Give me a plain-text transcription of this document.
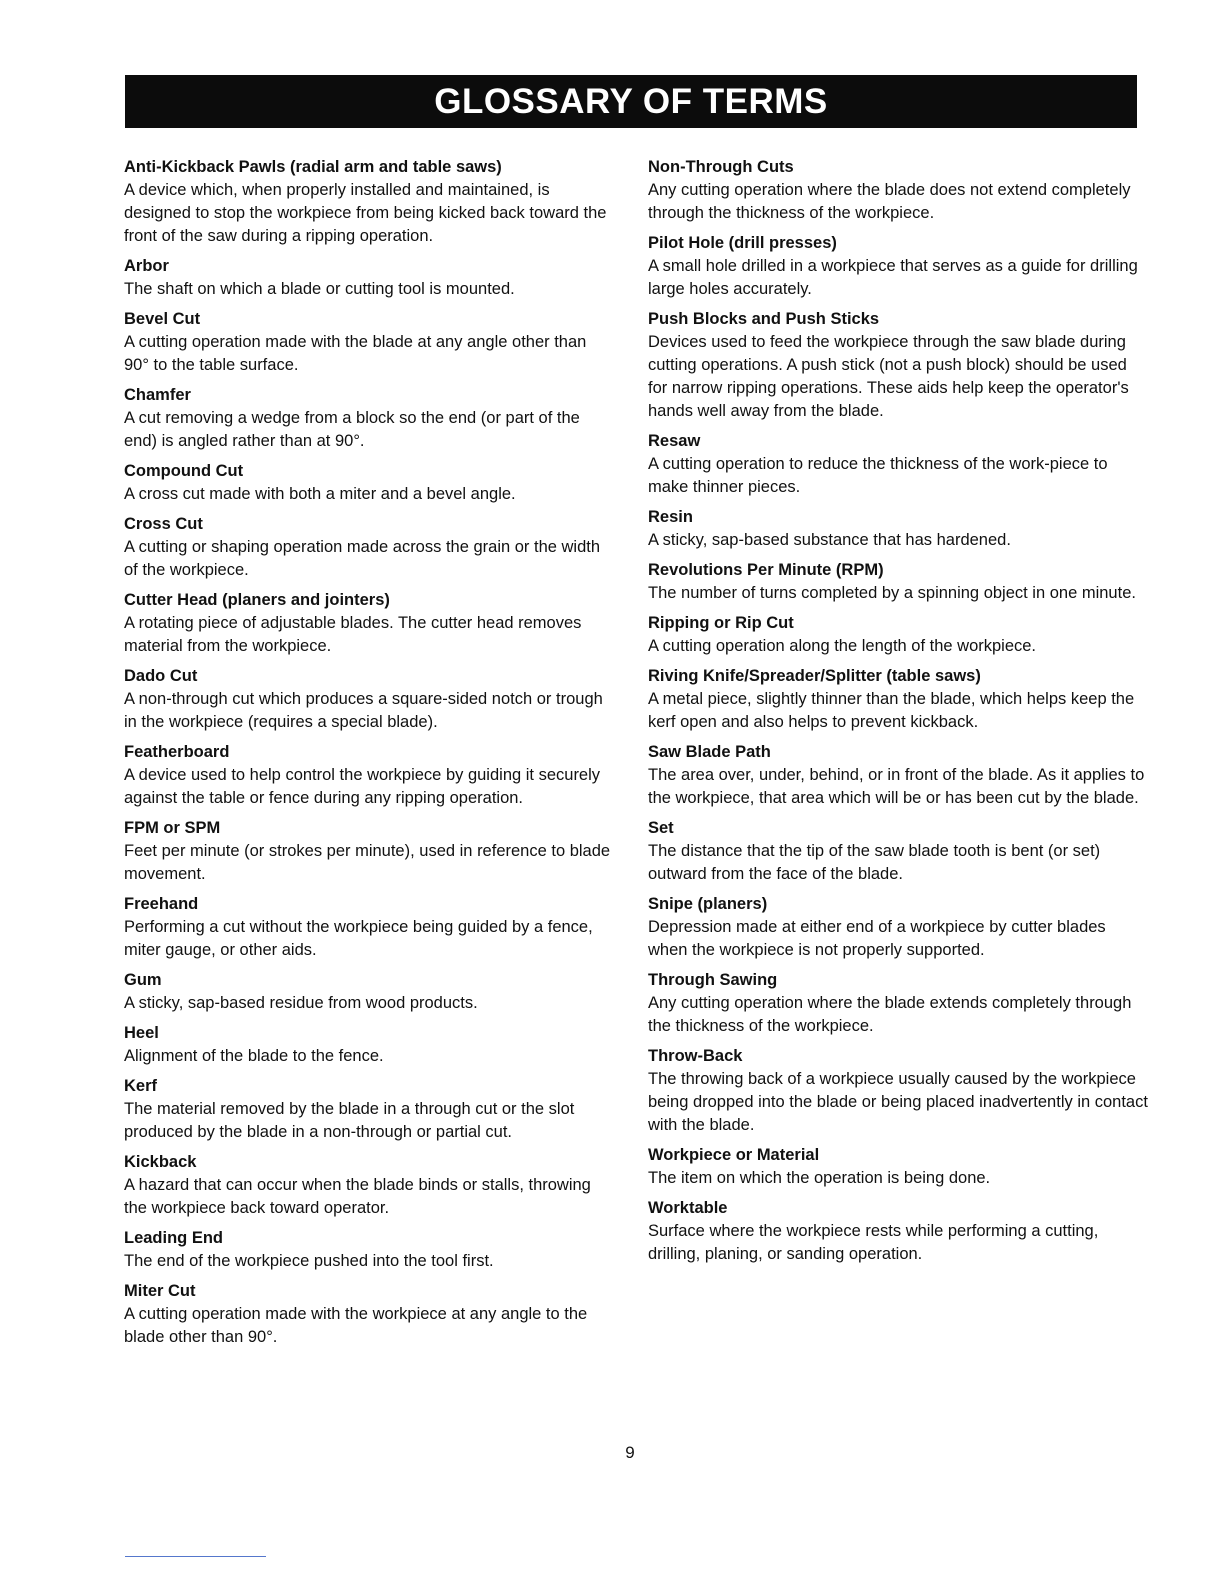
GLOSSARY OF TERMS

Anti-Kickback Pawls (radial arm and table saws)

A device which, when properly installed and maintained, is designed to stop the workpiece from being kicked back toward the front of the saw during a ripping operation.

Arbor

The shaft on which a blade or cutting tool is mounted.

Bevel Cut

A cutting operation made with the blade at any angle other than 90° to the table surface.

Chamfer

A cut removing a wedge from a block so the end (or part of the end) is angled rather than at 90°.

Compound Cut

A cross cut made with both a miter and a bevel angle.

Cross Cut

A cutting or shaping operation made across the grain or the width of the workpiece.

Cutter Head (planers and jointers)

A rotating piece of adjustable blades. The cutter head removes material from the workpiece.

Dado Cut

A non-through cut which produces a square-sided notch or trough in the workpiece (requires a special blade).

Featherboard

A device used to help control the workpiece by guiding it securely against the table or fence during any ripping operation.

FPM or SPM

Feet per minute (or strokes per minute), used in reference to blade movement.

Freehand

Performing a cut without the workpiece being guided by a fence, miter gauge, or other aids.

Gum

A sticky, sap-based residue from wood products.

Heel

Alignment of the blade to the fence.

Kerf

The material removed by the blade in a through cut or the slot produced by the blade in a non-through or partial cut.

Kickback

A hazard that can occur when the blade binds or stalls, throwing the workpiece back toward operator.

Leading End

The end of the workpiece pushed into the tool first.

Miter Cut

A cutting operation made with the workpiece at any angle to the blade other than 90°.

Non-Through Cuts

Any cutting operation where the blade does not extend completely through the thickness of the workpiece.

Pilot Hole (drill presses)

A small hole drilled in a workpiece that serves as a guide for drilling large holes accurately.

Push Blocks and Push Sticks

Devices used to feed the workpiece through the saw blade during cutting operations. A push stick (not a push block) should be used for narrow ripping operations. These aids help keep the operator's hands well away from the blade.

Resaw

A cutting operation to reduce the thickness of the work-piece to make thinner pieces.

Resin

A sticky, sap-based substance that has hardened.

Revolutions Per Minute (RPM)

The number of turns completed by a spinning object in one minute.

Ripping or Rip Cut

A cutting operation along the length of the workpiece.

Riving Knife/Spreader/Splitter (table saws)

A metal piece, slightly thinner than the blade, which helps keep the kerf open and also helps to prevent kickback.

Saw Blade Path

The area over, under, behind, or in front of the blade. As it applies to the workpiece, that area which will be or has been cut by the blade.

Set

The distance that the tip of the saw blade tooth is bent (or set) outward from the face of the blade.

Snipe (planers)

Depression made at either end of a workpiece by cutter blades when the workpiece is not properly supported.

Through Sawing

Any cutting operation where the blade extends completely through the thickness of the workpiece.

Throw-Back

The throwing back of a workpiece usually caused by the workpiece being dropped into the blade or being placed inadvertently in contact with the blade.

Workpiece or Material

The item on which the operation is being done.

Worktable

Surface where the workpiece rests while performing a cutting, drilling, planing, or sanding operation.

9
